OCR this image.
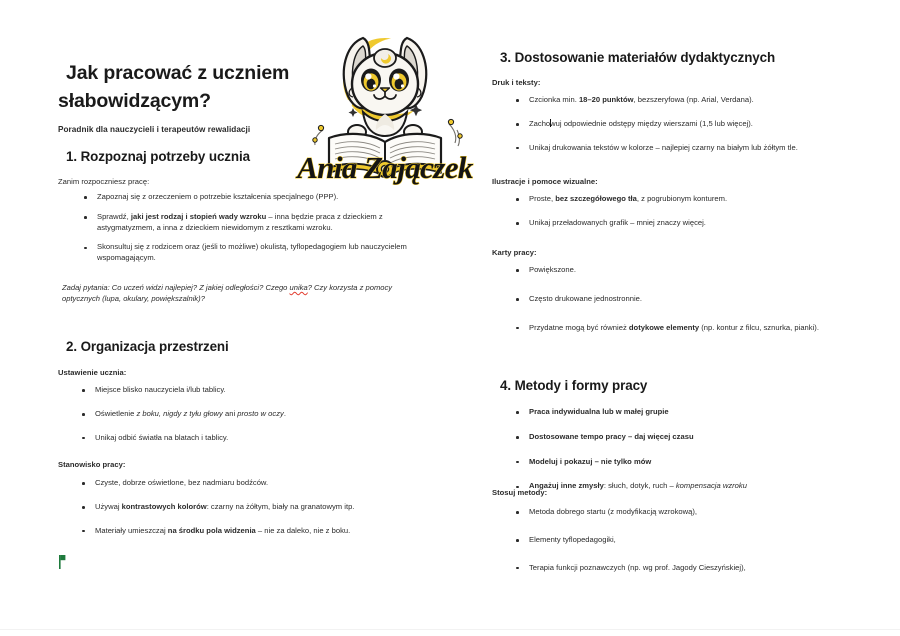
Ania Zajączek
Jak pracować z uczniem
słabowidzącym?

Poradnik dla nauczycieli i terapeutów rewalidacji

1. Rozpoznaj potrzeby ucznia

Zanim rozpoczniesz pracę:

Zapoznaj się z orzeczeniem o potrzebie kształcenia specjalnego (PPP).
Sprawdź, jaki jest rodzaj i stopień wady wzroku – inna będzie praca z dzieckiem z astygmatyzmem, a inna z dzieckiem niewidomym z resztkami wzroku.
Skonsultuj się z rodzicem oraz (jeśli to możliwe) okulistą, tyflopedagogiem lub nauczycielem wspomagającym.

Zadaj pytania: Co uczeń widzi najlepiej? Z jakiej odległości? Czego unika? Czy korzysta z pomocy optycznych (lupa, okulary, powiększalnik)?

2. Organizacja przestrzeni

Ustawienie ucznia:

Miejsce blisko nauczyciela i/lub tablicy.
Oświetlenie z boku, nigdy z tyłu głowy ani prosto w oczy.
Unikaj odbić światła na blatach i tablicy.

Stanowisko pracy:

Czyste, dobrze oświetlone, bez nadmiaru bodźców.
Używaj kontrastowych kolorów: czarny na żółtym, biały na granatowym itp.
Materiały umieszczaj na środku pola widzenia – nie za daleko, nie z boku.
3. Dostosowanie materiałów dydaktycznych

Druk i teksty:

Czcionka min. 18–20 punktów, bezszeryfowa (np. Arial, Verdana).
Zachowuj odpowiednie odstępy między wierszami (1,5 lub więcej).
Unikaj drukowania tekstów w kolorze – najlepiej czarny na białym lub żółtym tle.

Ilustracje i pomoce wizualne:

Proste, bez szczegółowego tła, z pogrubionym konturem.
Unikaj przeładowanych grafik – mniej znaczy więcej.

Karty pracy:

Powiększone.
Często drukowane jednostronnie.
Przydatne mogą być również dotykowe elementy (np. kontur z filcu, sznurka, pianki).
4. Metody i formy pracy
Praca indywidualna lub w małej grupie
Dostosowane tempo pracy – daj więcej czasu
Modeluj i pokazuj – nie tylko mów
Angażuj inne zmysły: słuch, dotyk, ruch – kompensacja wzroku

Stosuj metody:

Metoda dobrego startu (z modyfikacją wzrokową),
Elementy tyflopedagogiki,
Terapia funkcji poznawczych (np. wg prof. Jagody Cieszyńskiej),
